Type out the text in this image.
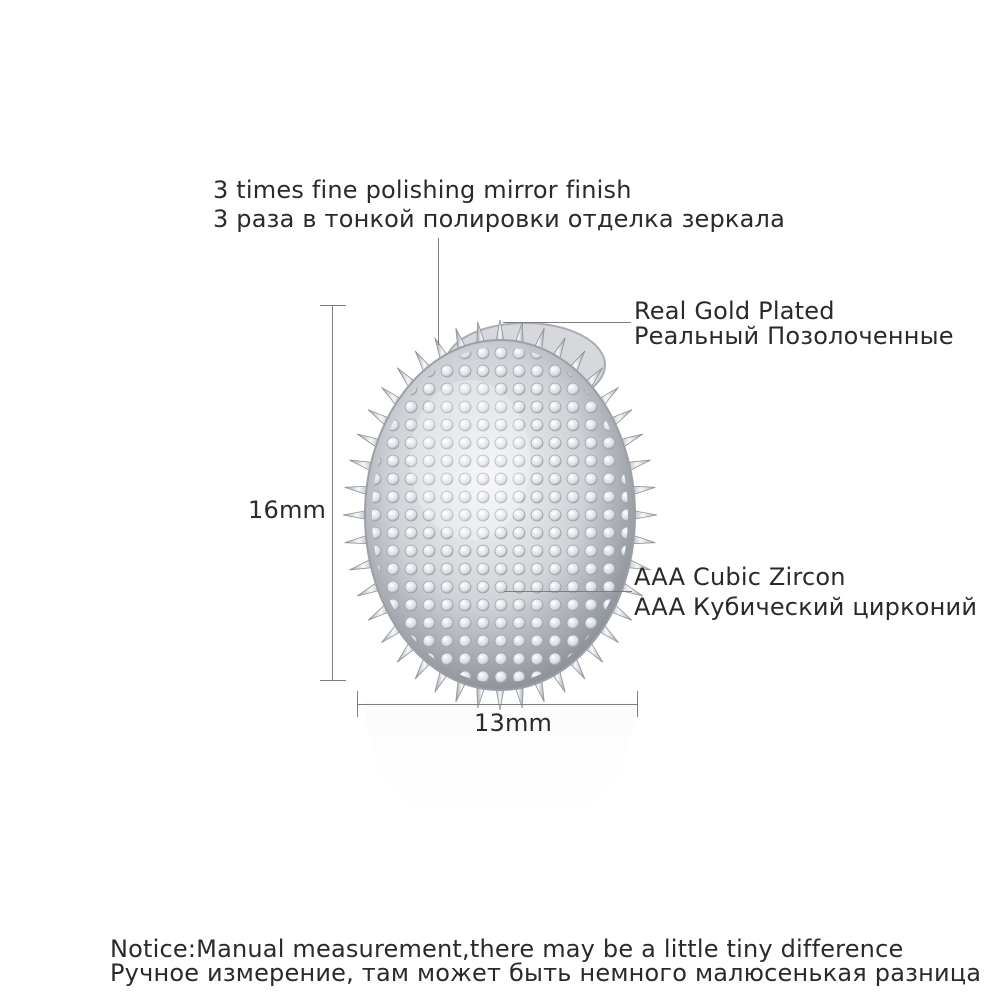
3 times fine polishing mirror finish
3 раза в тонкой полировки отделка зеркала
Real Gold Plated
Реальный Позолоченные
AAA Cubic Zircon
AAA Кубический цирконий
16mm
13mm
Notice:Manual measurement,there may be a little tiny difference
Ручное измерение, там может быть немного малюсенькая разница
